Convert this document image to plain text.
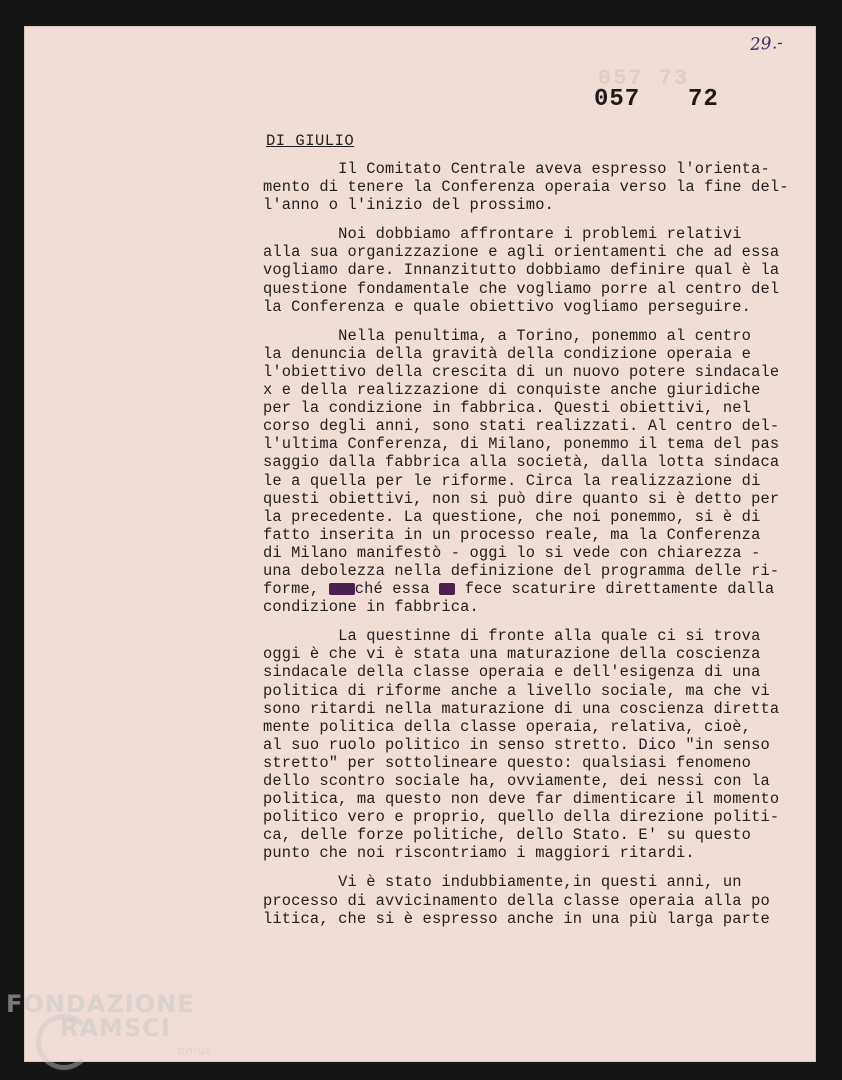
29.-
057 73
057 72
DI GIULIO
Il Comitato Centrale aveva espresso l'orienta-
mento di tenere la Conferenza operaia verso la fine del-
l'anno o l'inizio del prossimo.
Noi dobbiamo affrontare i problemi relativi
alla sua organizzazione e agli orientamenti che ad essa
vogliamo dare. Innanzitutto dobbiamo definire qual è la
questione fondamentale che vogliamo porre al centro del
la Conferenza e quale obiettivo vogliamo perseguire.
Nella penultima, a Torino, ponemmo al centro
la denuncia della gravità della condizione operaia e
l'obiettivo della crescita di un nuovo potere sindacale
x e della realizzazione di conquiste anche giuridiche
per la condizione in fabbrica. Questi obiettivi, nel
corso degli anni, sono stati realizzati. Al centro del-
l'ultima Conferenza, di Milano, ponemmo il tema del pas
saggio dalla fabbrica alla società, dalla lotta sindaca
le a quella per le riforme. Circa la realizzazione di
questi obiettivi, non si può dire quanto si è detto per
la precedente. La questione, che noi ponemmo, si è di
fatto inserita in un processo reale, ma la Conferenza
di Milano manifestò - oggi lo si vede con chiarezza -
una debolezza nella definizione del programma delle ri-
forme, ché essa  fece scaturire direttamente dalla
condizione in fabbrica.
La questinne di fronte alla quale ci si trova
oggi è che vi è stata una maturazione della coscienza
sindacale della classe operaia e dell'esigenza di una
politica di riforme anche a livello sociale, ma che vi
sono ritardi nella maturazione di una coscienza diretta
mente politica della classe operaia, relativa, cioè,
al suo ruolo politico in senso stretto. Dico "in senso
stretto" per sottolineare questo: qualsiasi fenomeno
dello scontro sociale ha, ovviamente, dei nessi con la
politica, ma questo non deve far dimenticare il momento
politico vero e proprio, quello della direzione politi-
ca, delle forze politiche, dello Stato. E' su questo
punto che noi riscontriamo i maggiori ritardi.
Vi è stato indubbiamente,in questi anni, un
processo di avvicinamento della classe operaia alla po
litica, che si è espresso anche in una più larga parte
FONDAZIONE
RAMSCI
onlus
